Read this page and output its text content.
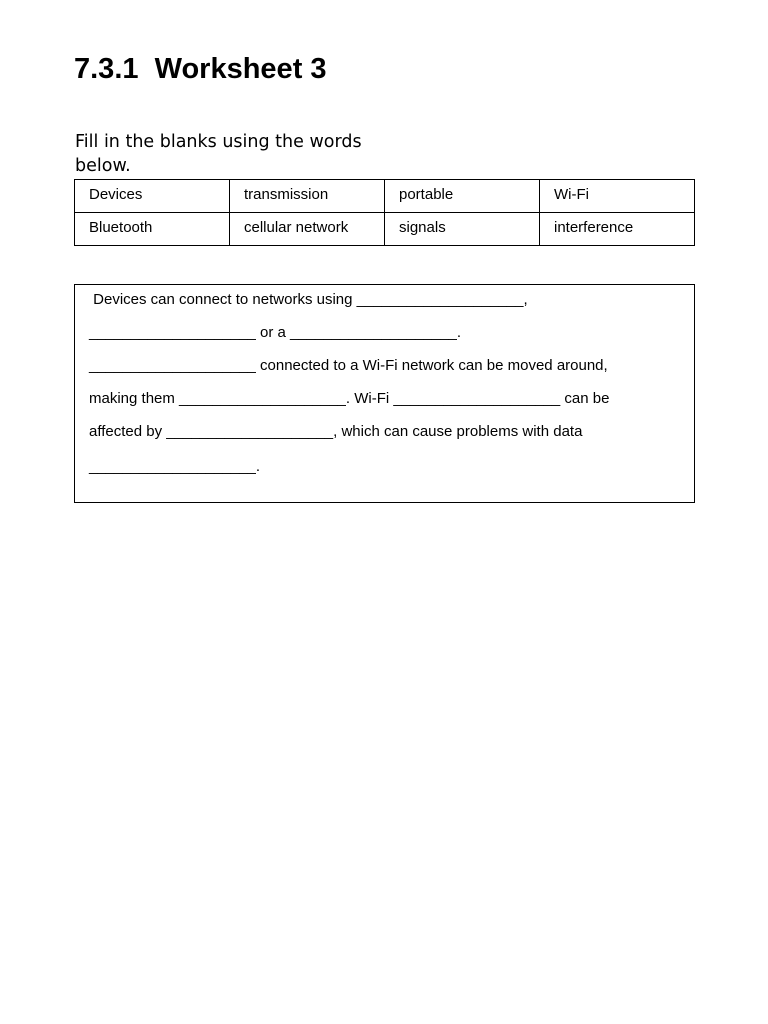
7.3.1  Worksheet 3

Fill in the blanks using the words below.

Devices	transmission	portable	Wi-Fi
Bluetooth	cellular network	signals	interference
Devices can connect to networks using ____________________,
____________________ or a ____________________.
____________________ connected to a Wi-Fi network can be moved around,
making them ____________________. Wi-Fi ____________________ can be
affected by ____________________, which can cause problems with data
____________________.
